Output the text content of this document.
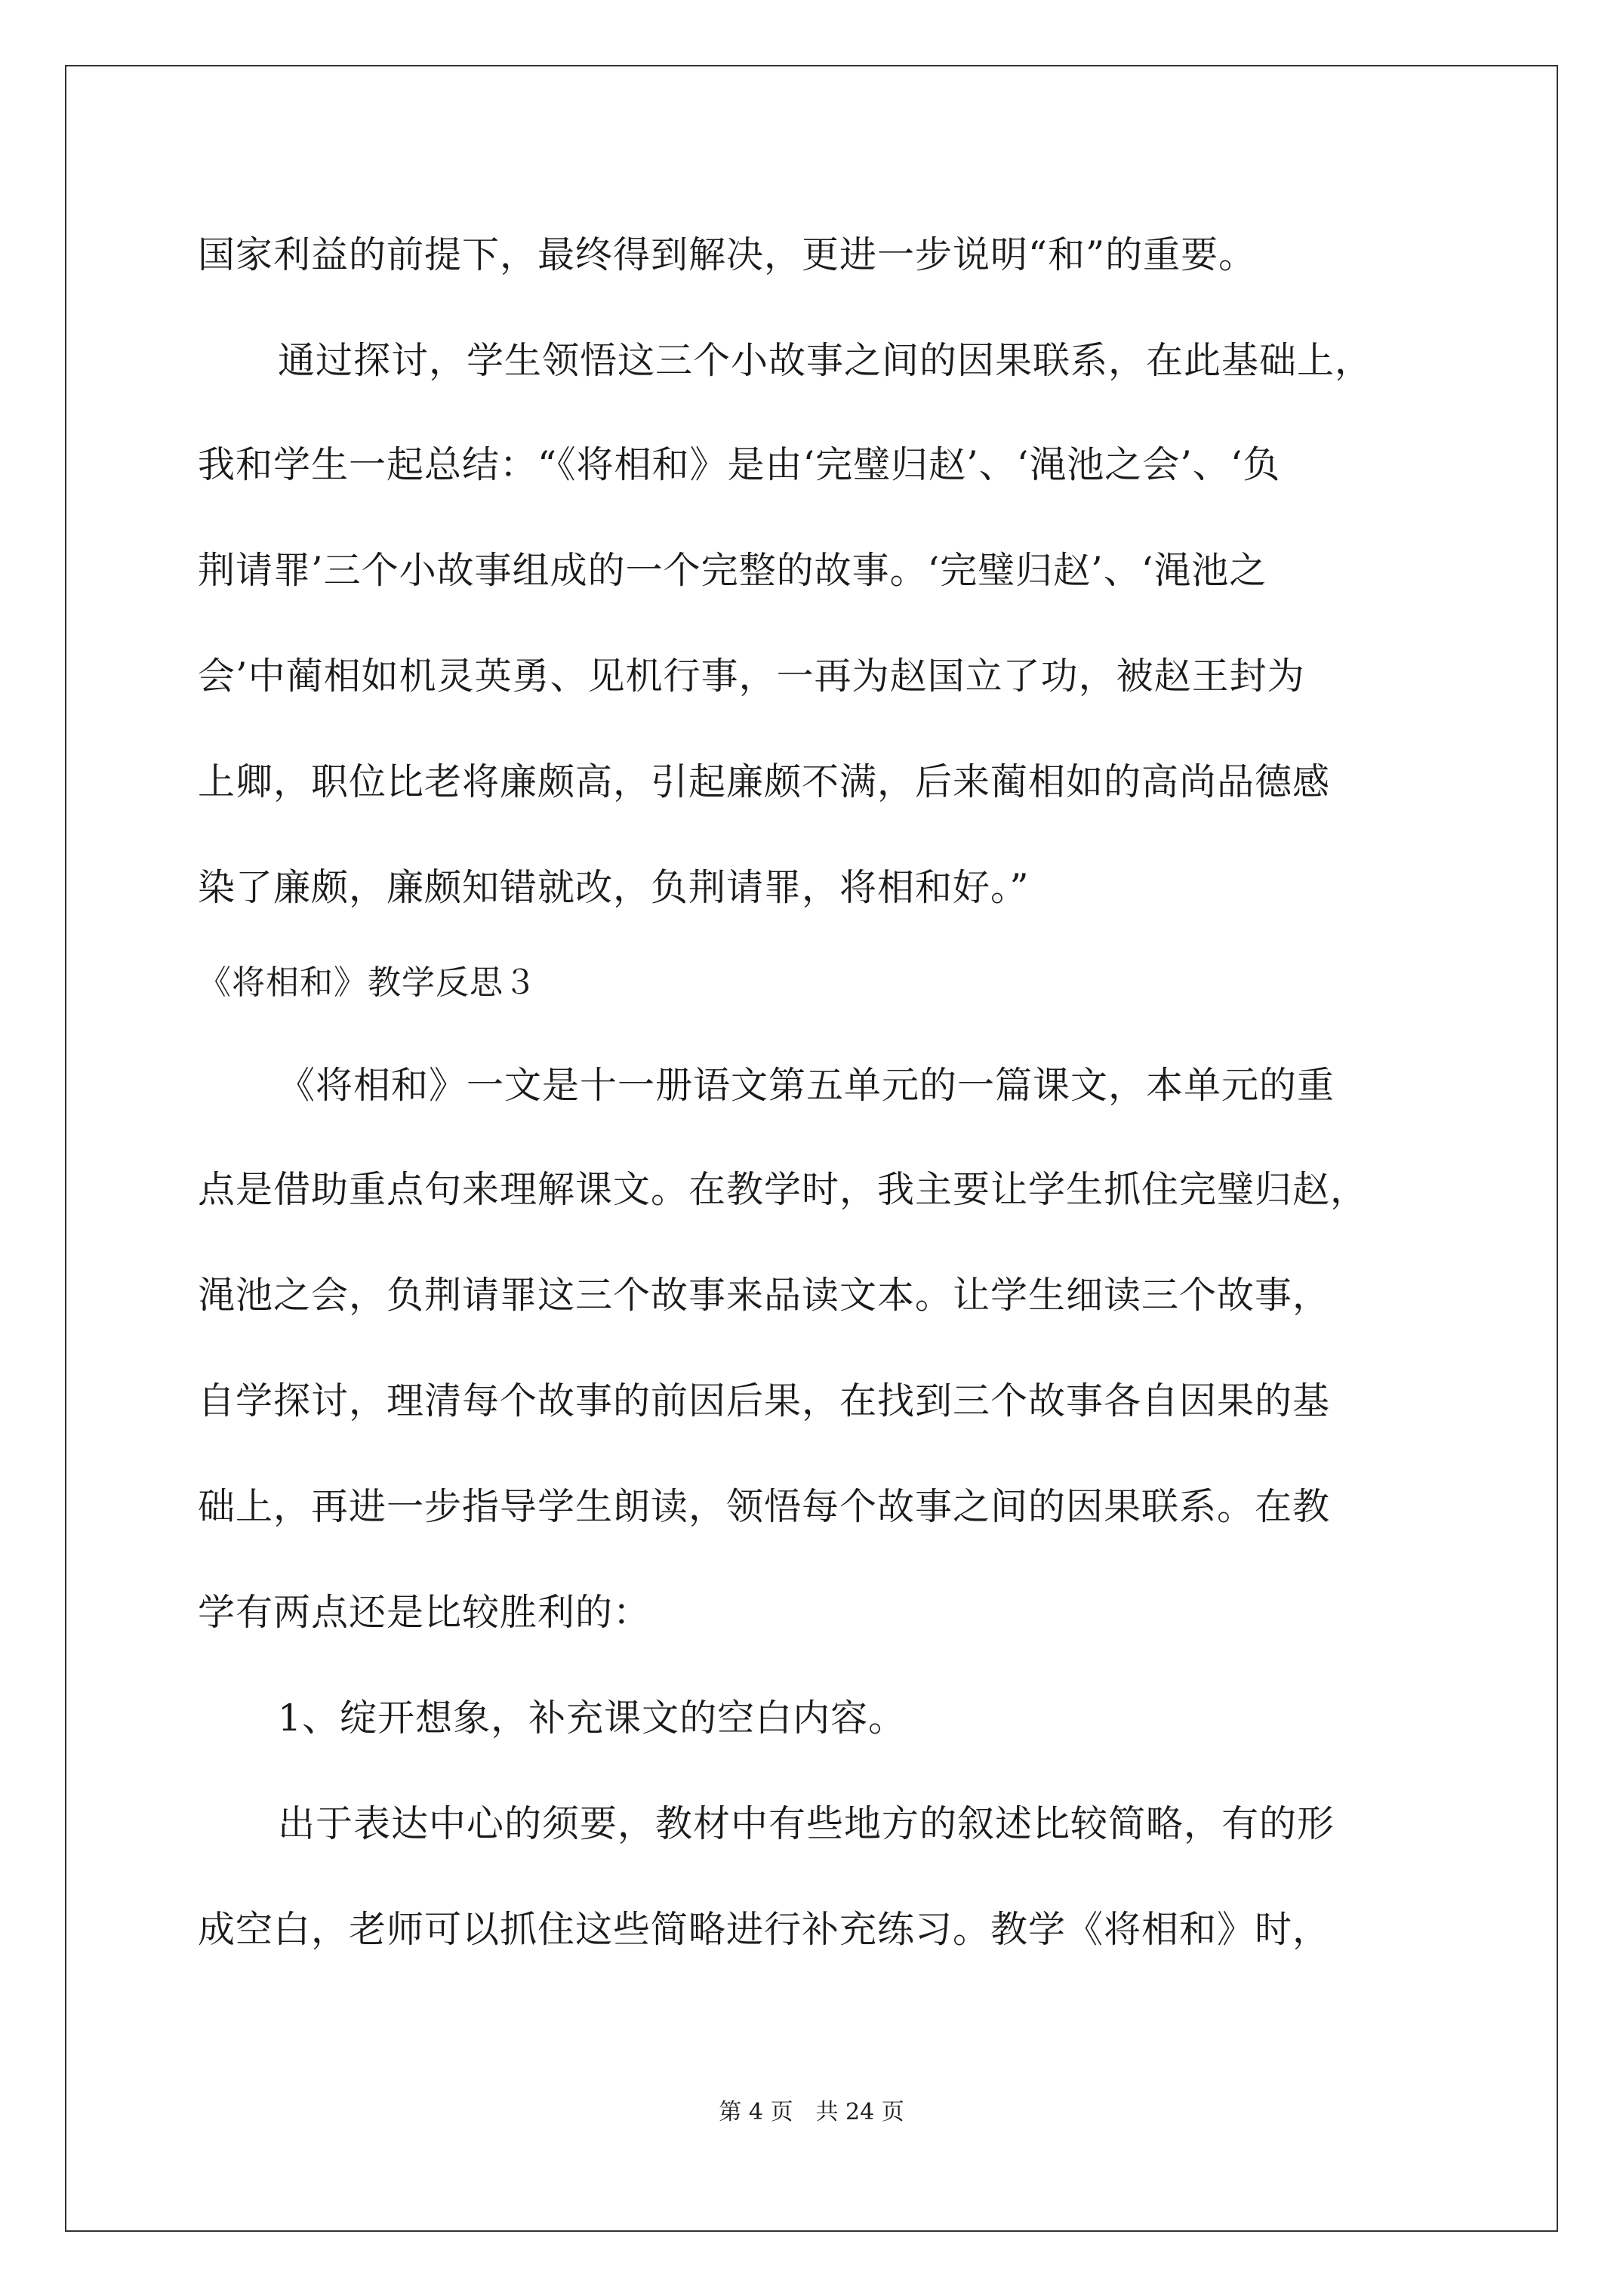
国家利益的前提下，最终得到解决，更进一步说明“和”的重要。
通过探讨，学生领悟这三个小故事之间的因果联系，在此基础上，
我和学生一起总结：“《将相和》是由‘完璧归赵’、‘渑池之会’、‘负
荆请罪’三个小故事组成的一个完整的故事。‘完璧归赵’、‘渑池之
会’中蔺相如机灵英勇、见机行事，一再为赵国立了功，被赵王封为
上卿，职位比老将廉颇高，引起廉颇不满，后来蔺相如的高尚品德感
染了廉颇，廉颇知错就改，负荆请罪，将相和好。”
《将相和》教学反思３
《将相和》一文是十一册语文第五单元的一篇课文，本单元的重
点是借助重点句来理解课文。在教学时，我主要让学生抓住完璧归赵，
渑池之会，负荆请罪这三个故事来品读文本。让学生细读三个故事，
自学探讨，理清每个故事的前因后果，在找到三个故事各自因果的基
础上，再进一步指导学生朗读，领悟每个故事之间的因果联系。在教
学有两点还是比较胜利的：
1、绽开想象，补充课文的空白内容。
出于表达中心的须要，教材中有些地方的叙述比较简略，有的形
成空白，老师可以抓住这些简略进行补充练习。教学《将相和》时，
第 4 页　共 24 页
